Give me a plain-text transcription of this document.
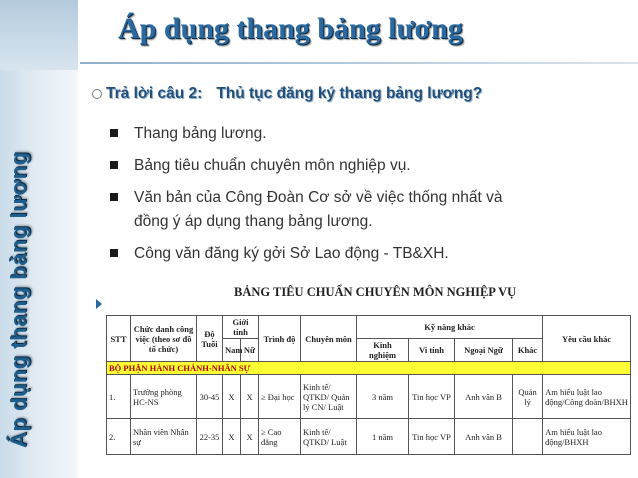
Áp dụng thang bảng lương
Áp dụng thang bảng lương
Trả lời câu 2: Thủ tục đăng ký thang bảng lương?
Thang bảng lương.
Bảng tiêu chuẩn chuyên môn nghiệp vụ.
Văn bản của Công Đoàn Cơ sở về việc thống nhất và
đồng ý áp dụng thang bảng lương.
Công văn đăng ký gởi Sở Lao động - TB&XH.
BẢNG TIÊU CHUẨN CHUYÊN MÔN NGHIỆP VỤ
STT	Chức danh công việc (theo sơ đồ tổ chức)	Độ Tuổi	Giới tính		Trình độ	Chuyên môn	Kỹ năng khác				Yêu cầu khác
			Nam	Nữ			Kinh nghiệm	Vi tính	Ngoại Ngữ	Khác	
BỘ PHẬN HÀNH CHÁNH-NHÂN SỰ											
1.	Trưởng phòng HC-NS	30-45	X	X	≥ Đại học	Kinh tế/ QTKD/ Quản lý CN/ Luật	3 năm	Tin học VP	Anh văn B	Quản lý	Am hiểu luật lao động/Công đoàn/BHXH
2.	Nhân viên Nhân sự	22-35	X	X	≥ Cao đẳng	Kinh tế/ QTKD/ Luật	1 năm	Tin học VP	Anh văn B		Am hiểu luật lao động/BHXH
